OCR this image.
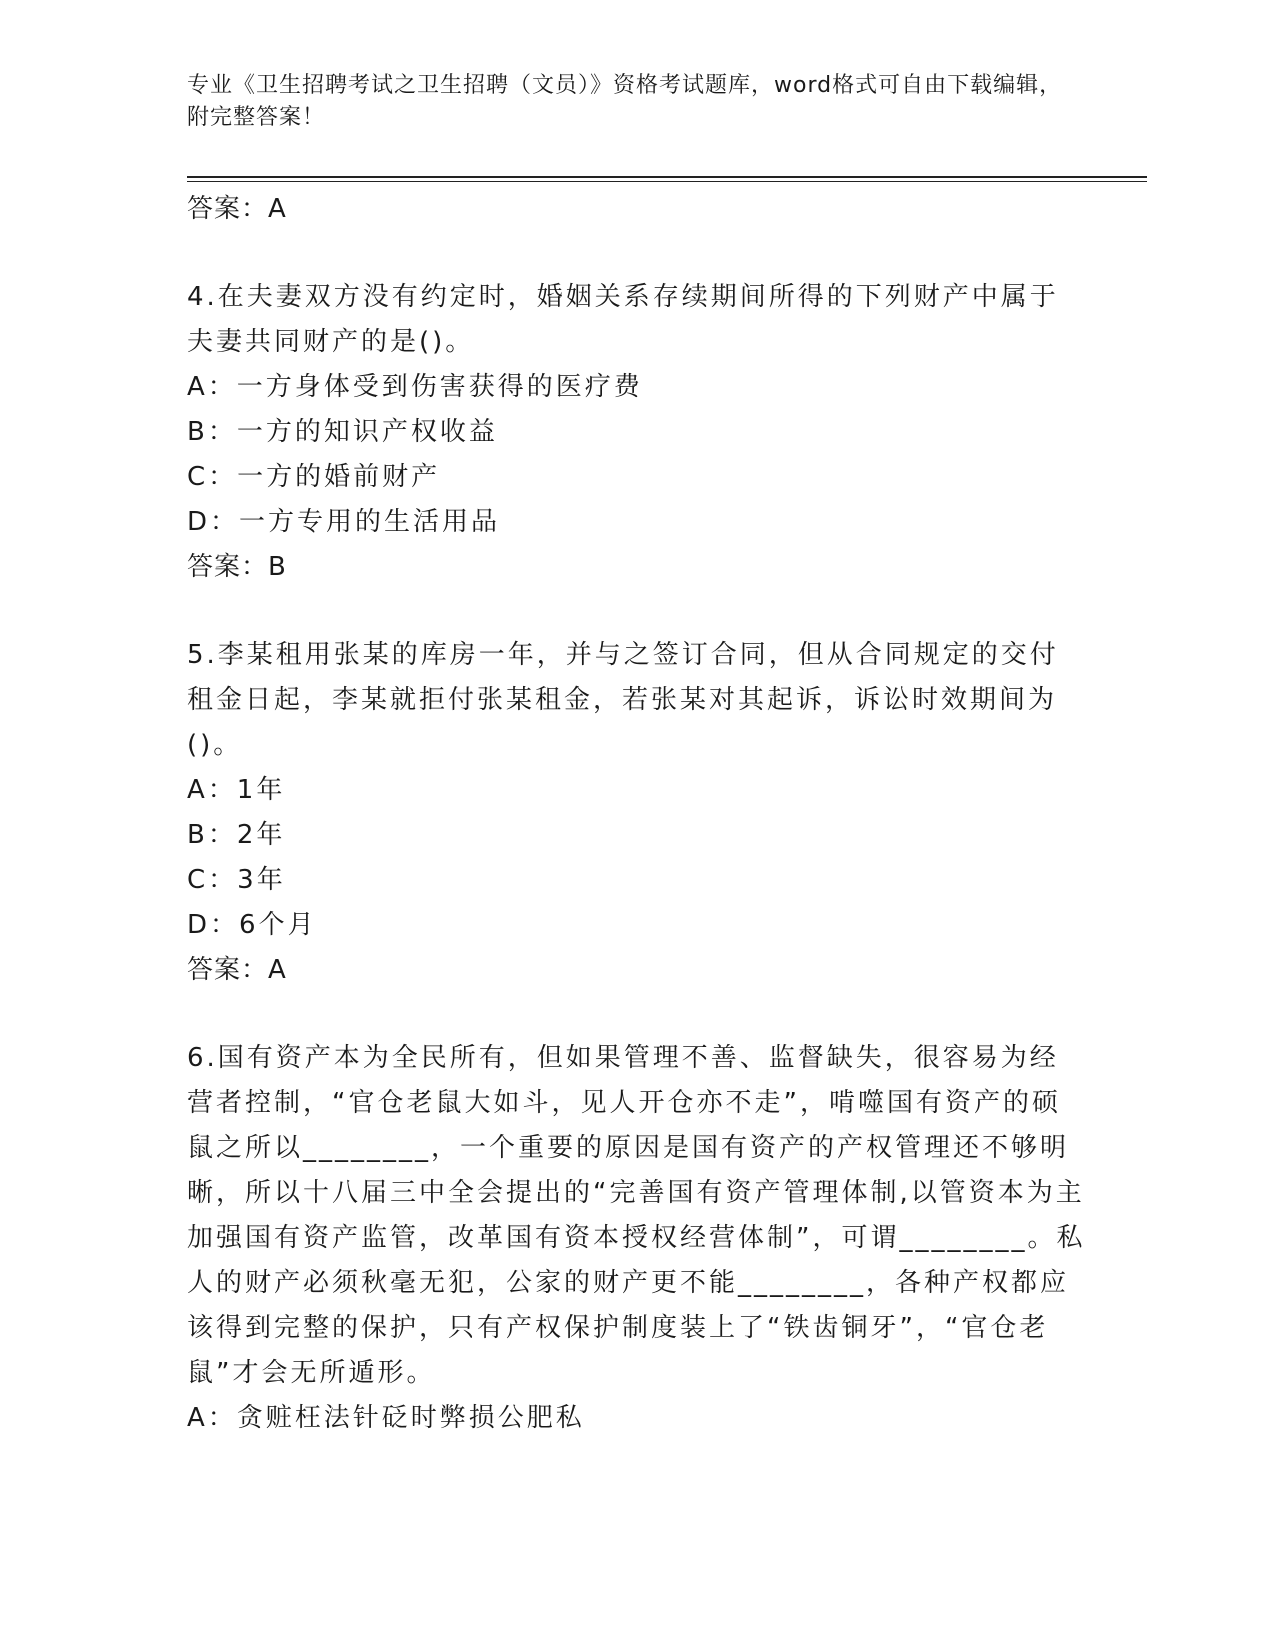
专业《卫生招聘考试之卫生招聘（文员）》资格考试题库，word格式可自由下载编辑，附完整答案！

答案：A

4.在夫妻双方没有约定时，婚姻关系存续期间所得的下列财产中属于夫妻共同财产的是()。

A：一方身体受到伤害获得的医疗费

B：一方的知识产权收益

C：一方的婚前财产

D：一方专用的生活用品

答案：B

5.李某租用张某的库房一年，并与之签订合同，但从合同规定的交付租金日起，李某就拒付张某租金，若张某对其起诉，诉讼时效期间为()。

A：1年

B：2年

C：3年

D：6个月

答案：A

6.国有资产本为全民所有，但如果管理不善、监督缺失，很容易为经营者控制，“官仓老鼠大如斗，见人开仓亦不走”，啃噬国有资产的硕鼠之所以________，一个重要的原因是国有资产的产权管理还不够明晰，所以十八届三中全会提出的“完善国有资产管理体制,以管资本为主加强国有资产监管，改革国有资本授权经营体制”，可谓________。私人的财产必须秋毫无犯，公家的财产更不能________，各种产权都应该得到完整的保护，只有产权保护制度装上了“铁齿铜牙”，“官仓老鼠”才会无所遁形。

A：贪赃枉法针砭时弊损公肥私
